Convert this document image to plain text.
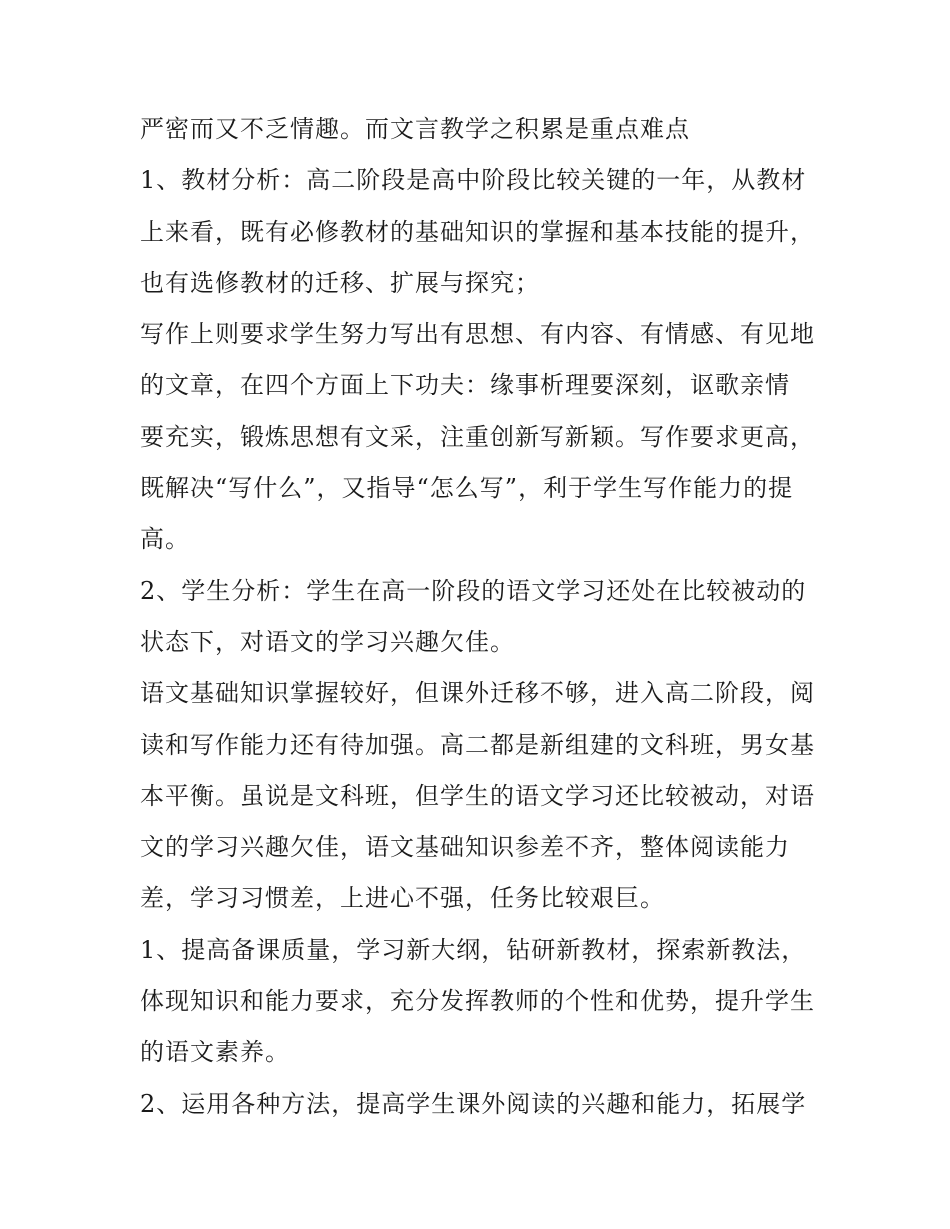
严密而又不乏情趣。而文言教学之积累是重点难点
1、教材分析：高二阶段是高中阶段比较关键的一年，从教材
上来看，既有必修教材的基础知识的掌握和基本技能的提升，
也有选修教材的迁移、扩展与探究；
写作上则要求学生努力写出有思想、有内容、有情感、有见地
的文章，在四个方面上下功夫：缘事析理要深刻，讴歌亲情
要充实，锻炼思想有文采，注重创新写新颖。写作要求更高，
既解决“写什么”，又指导“怎么写”，利于学生写作能力的提
高。
2、学生分析：学生在高一阶段的语文学习还处在比较被动的
状态下，对语文的学习兴趣欠佳。
语文基础知识掌握较好，但课外迁移不够，进入高二阶段，阅
读和写作能力还有待加强。高二都是新组建的文科班，男女基
本平衡。虽说是文科班，但学生的语文学习还比较被动，对语
文的学习兴趣欠佳，语文基础知识参差不齐，整体阅读能力
差，学习习惯差，上进心不强，任务比较艰巨。
1、提高备课质量，学习新大纲，钻研新教材，探索新教法，
体现知识和能力要求，充分发挥教师的个性和优势，提升学生
的语文素养。
2、运用各种方法，提高学生课外阅读的兴趣和能力，拓展学
